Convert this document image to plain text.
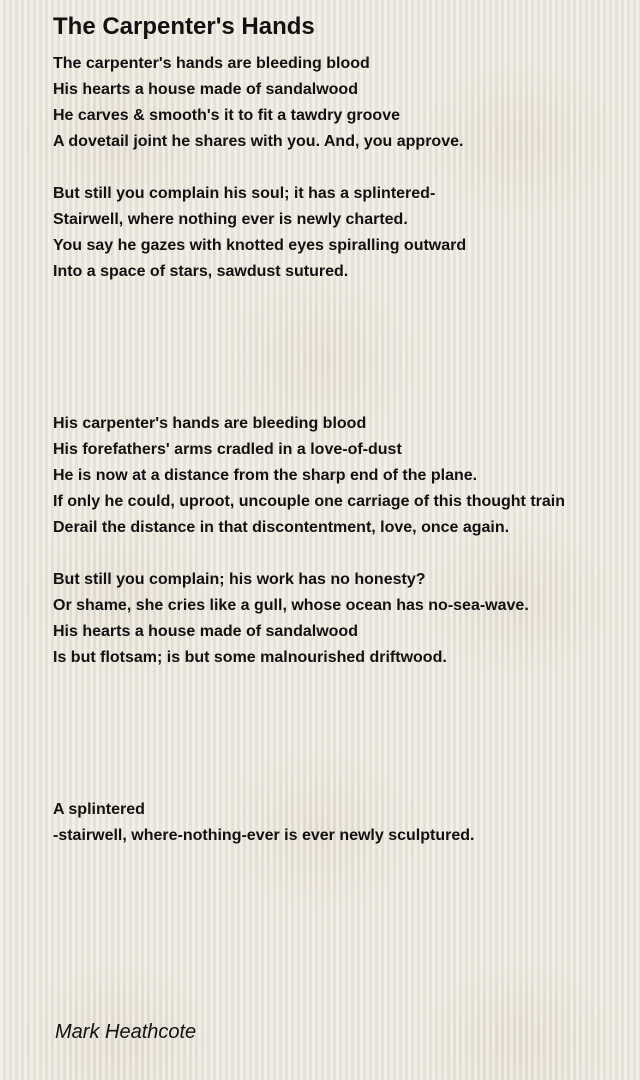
The Carpenter's Hands
The carpenter's hands are bleeding blood
His hearts a house made of sandalwood
He carves & smooth's it to fit a tawdry groove
A dovetail joint he shares with you. And, you approve.
But still you complain his soul; it has a splintered-
Stairwell, where nothing ever is newly charted.
You say he gazes with knotted eyes spiralling outward
Into a space of stars, sawdust sutured.
His carpenter's hands are bleeding blood
His forefathers' arms cradled in a love-of-dust
He is now at a distance from the sharp end of the plane.
If only he could, uproot, uncouple one carriage of this thought train
Derail the distance in that discontentment, love, once again.
But still you complain; his work has no honesty?
Or shame, she cries like a gull, whose ocean has no-sea-wave.
His hearts a house made of sandalwood
Is but flotsam; is but some malnourished driftwood.
A splintered
-stairwell, where-nothing-ever is ever newly sculptured.

Mark Heathcote
